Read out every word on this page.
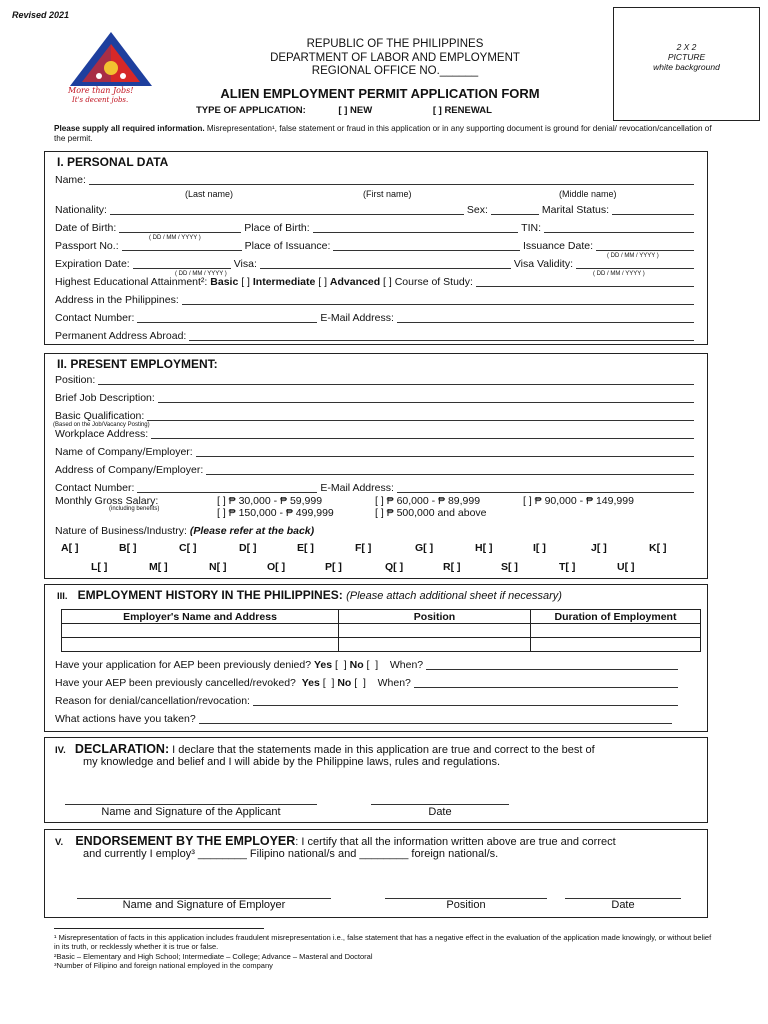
Revised 2021
More than Jobs!
It's decent jobs.
REPUBLIC OF THE PHILIPPINES
DEPARTMENT OF LABOR AND EMPLOYMENT
REGIONAL OFFICE NO.______
2 X 2
PICTURE
white background
ALIEN EMPLOYMENT PERMIT APPLICATION FORM
TYPE OF APPLICATION:	[ ] NEW	[ ] RENEWAL
Please supply all required information. Misrepresentation¹, false statement or fraud in this application or in any supporting document is ground for denial/ revocation/cancellation of the permit.
I. PERSONAL DATA
Name:
(Last name)	(First name)	(Middle name)
Nationality:	Sex:	Marital Status:
Date of Birth:	Place of Birth:	TIN:
( DD / MM / YYYY )
Passport No.:	Place of Issuance:	Issuance Date:
( DD / MM / YYYY )
Expiration Date:	Visa:	Visa Validity:
( DD / MM / YYYY )	( DD / MM / YYYY )
Highest Educational Attainment²:
Basic [ ] Intermediate [ ] Advanced [ ] Course of Study:
Address in the Philippines:
Contact Number:	E-Mail Address:
Permanent Address Abroad:
II. PRESENT EMPLOYMENT:
Position:
Brief Job Description:
Basic Qualification:
(Based on the Job/Vacancy Posting)
Workplace Address:
Name of Company/Employer:
Address of Company/Employer:
Contact Number:	E-Mail Address:
Monthly Gross Salary:	[ ] ₱ 30,000 - ₱ 59,999	[ ] ₱ 60,000 - ₱ 89,999	[ ] ₱ 90,000 - ₱ 149,999
(including benefits)	[ ] ₱ 150,000 - ₱ 499,999	[ ] ₱ 500,000 and above
Nature of Business/Industry:
(Please refer at the back)
A[ ]	B[ ]	C[ ]	D[ ]	E[ ]	F[ ]	G[ ]	H[ ]	I[ ]	J[ ]	K[ ]
L[ ]	M[ ]	N[ ]	O[ ]	P[ ]	Q[ ]	R[ ]	S[ ]	T[ ]	U[ ]
III. EMPLOYMENT HISTORY IN THE PHILIPPINES: (Please attach additional sheet if necessary)
Employer's Name and Address	Position	Duration of Employment

Have your application for AEP been previously denied?
Yes [  ] No [  ] When?
Have your AEP been previously cancelled/revoked?
Yes [  ] No [  ] When?
Reason for denial/cancellation/revocation:
What actions have you taken?
IV. DECLARATION: I declare that the statements made in this application are true and correct to the best of
my knowledge and belief and I will abide by the Philippine laws, rules and regulations.
Name and Signature of the Applicant	Date
V. ENDORSEMENT BY THE EMPLOYER: I certify that all the information written above are true and correct
and currently I employ³ ________ Filipino national/s and ________ foreign national/s.
Name and Signature of Employer	Position	Date
¹ Misrepresentation of facts in this application includes fraudulent misrepresentation i.e., false statement that has a negative effect in the evaluation of the application made knowingly, or without belief in its truth, or recklessly whether it is true or false.
²Basic – Elementary and High School; Intermediate – College; Advance – Masteral and Doctoral
³Number of Filipino and foreign national employed in the company
